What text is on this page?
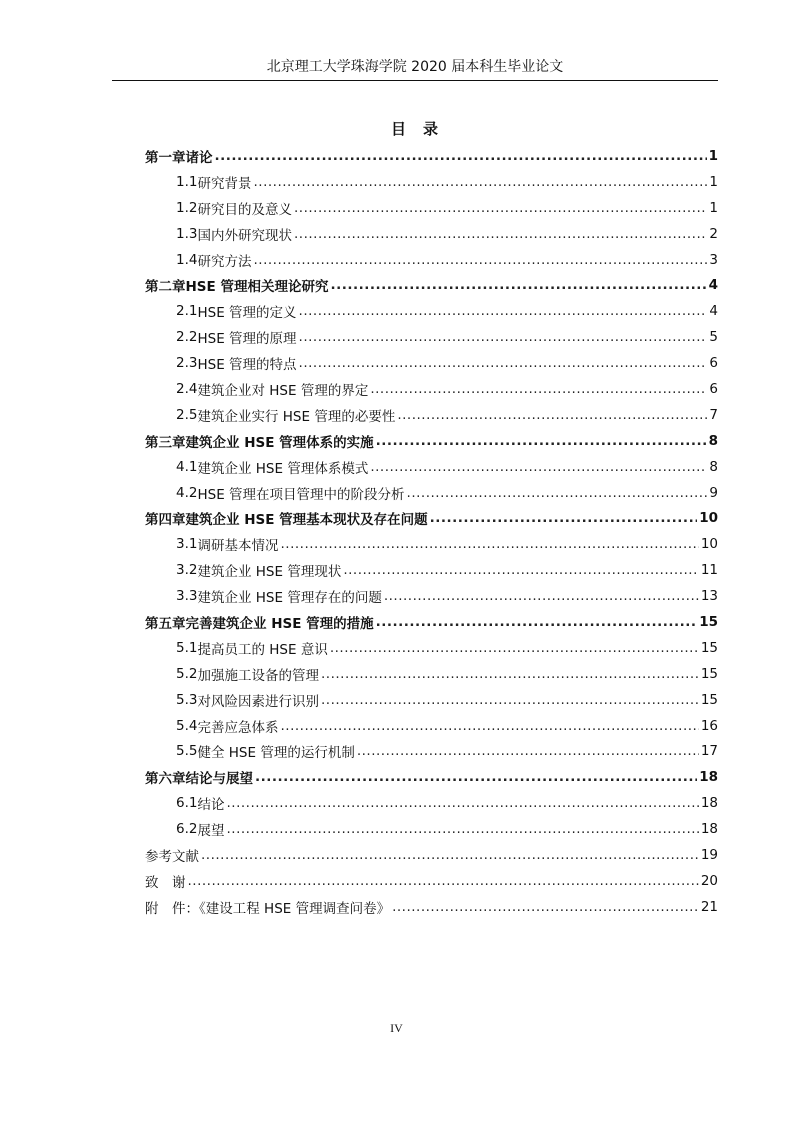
北京理工大学珠海学院 2020 届本科生毕业论文
目　录
第一章 诸论 .....	1
1.1 研究背景 .....	1
1.2 研究目的及意义 .....	1
1.3 国内外研究现状 .....	2
1.4 研究方法 .....	3
第二章 HSE 管理相关理论研究 .....	4
2.1 HSE 管理的定义 .....	4
2.2 HSE 管理的原理 .....	5
2.3 HSE 管理的特点 .....	6
2.4 建筑企业对 HSE 管理的界定 .....	6
2.5 建筑企业实行 HSE 管理的必要性 .....	7
第三章 建筑企业 HSE 管理体系的实施 .....	8
4.1 建筑企业 HSE 管理体系模式 .....	8
4.2 HSE 管理在项目管理中的阶段分析 .....	9
第四章 建筑企业 HSE 管理基本现状及存在问题 .....	10
3.1 调研基本情况 .....	10
3.2 建筑企业 HSE 管理现状 .....	11
3.3 建筑企业 HSE 管理存在的问题 .....	13
第五章 完善建筑企业 HSE 管理的措施 .....	15
5.1 提高员工的 HSE 意识 .....	15
5.2 加强施工设备的管理 .....	15
5.3 对风险因素进行识别 .....	15
5.4 完善应急体系 .....	16
5.5 健全 HSE 管理的运行机制 .....	17
第六章 结论与展望 .....	18
6.1 结论 .....	18
6.2 展望 .....	18
参考文献 .....	19
致　谢 .....	20
附　件：《建设工程 HSE 管理调查问卷》 .....	21
IV
